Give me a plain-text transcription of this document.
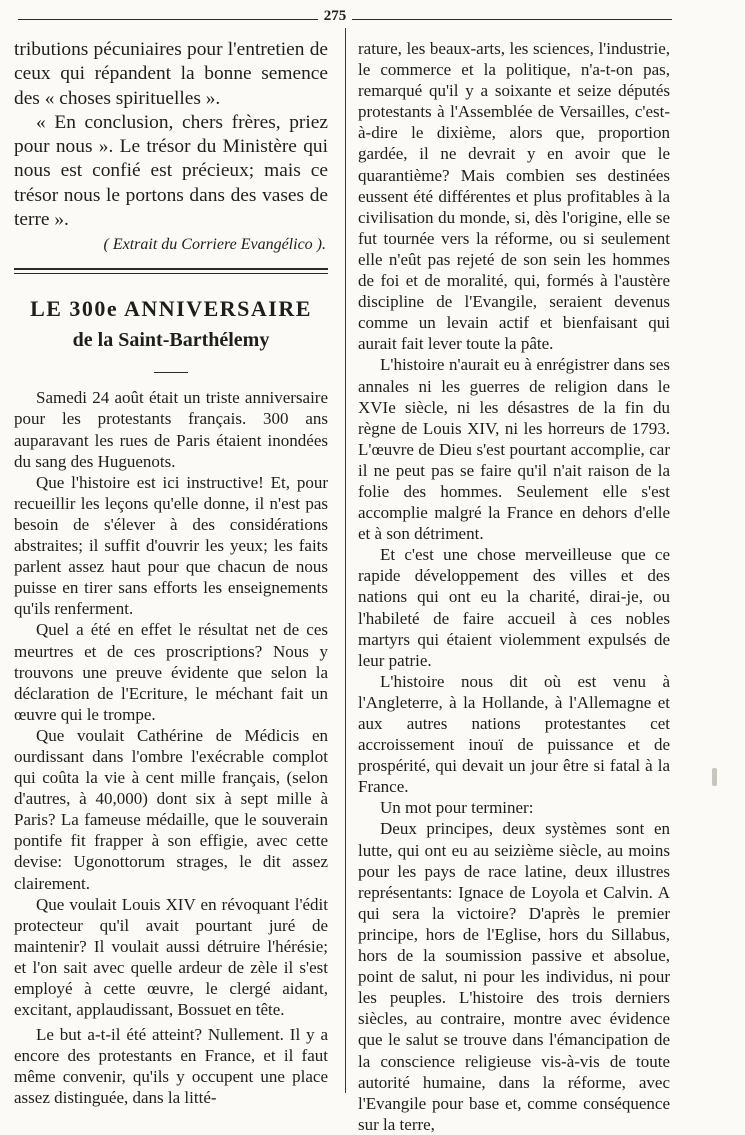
275

tributions pécuniaires pour l'entretien de ceux qui répandent la bonne semence des « choses spirituelles ».

« En conclusion, chers frères, priez pour nous ». Le trésor du Ministère qui nous est confié est précieux; mais ce trésor nous le portons dans des vases de terre ».

( Extrait du Corriere Evangélico ).

LE 300e ANNIVERSAIRE
de la Saint-Barthélemy

Samedi 24 août était un triste anniversaire pour les protestants français. 300 ans auparavant les rues de Paris étaient inondées du sang des Huguenots.

Que l'histoire est ici instructive! Et, pour recueillir les leçons qu'elle donne, il n'est pas besoin de s'élever à des considérations abstraites; il suffit d'ouvrir les yeux; les faits parlent assez haut pour que chacun de nous puisse en tirer sans efforts les enseignements qu'ils renferment.

Quel a été en effet le résultat net de ces meurtres et de ces proscriptions? Nous y trouvons une preuve évidente que selon la déclaration de l'Ecriture, le méchant fait un œuvre qui le trompe.

Que voulait Cathérine de Médicis en ourdissant dans l'ombre l'exécrable complot qui coûta la vie à cent mille français, (selon d'autres, à 40,000) dont six à sept mille à Paris? La fameuse médaille, que le souverain pontife fit frapper à son effigie, avec cette devise: Ugonottorum strages, le dit assez clairement.

Que voulait Louis XIV en révoquant l'édit protecteur qu'il avait pourtant juré de maintenir? Il voulait aussi détruire l'hérésie; et l'on sait avec quelle ardeur de zèle il s'est employé à cette œuvre, le clergé aidant, excitant, applaudissant, Bossuet en tête.

Le but a-t-il été atteint? Nullement. Il y a encore des protestants en France, et il faut même convenir, qu'ils y occupent une place assez distinguée, dans la litté-

rature, les beaux-arts, les sciences, l'industrie, le commerce et la politique, n'a-t-on pas, remarqué qu'il y a soixante et seize députés protestants à l'Assemblée de Versailles, c'est-à-dire le dixième, alors que, proportion gardée, il ne devrait y en avoir que le quarantième? Mais combien ses destinées eussent été différentes et plus profitables à la civilisation du monde, si, dès l'origine, elle se fut tournée vers la réforme, ou si seulement elle n'eût pas rejeté de son sein les hommes de foi et de moralité, qui, formés à l'austère discipline de l'Evangile, seraient devenus comme un levain actif et bienfaisant qui aurait fait lever toute la pâte.

L'histoire n'aurait eu à enrégistrer dans ses annales ni les guerres de religion dans le XVIe siècle, ni les désastres de la fin du règne de Louis XIV, ni les horreurs de 1793. L'œuvre de Dieu s'est pourtant accomplie, car il ne peut pas se faire qu'il n'ait raison de la folie des hommes. Seulement elle s'est accomplie malgré la France en dehors d'elle et à son détriment.

Et c'est une chose merveilleuse que ce rapide développement des villes et des nations qui ont eu la charité, dirai-je, ou l'habileté de faire accueil à ces nobles martyrs qui étaient violemment expulsés de leur patrie.

L'histoire nous dit où est venu à l'Angleterre, à la Hollande, à l'Allemagne et aux autres nations protestantes cet accroissement inouï de puissance et de prospérité, qui devait un jour être si fatal à la France.

Un mot pour terminer:

Deux principes, deux systèmes sont en lutte, qui ont eu au seizième siècle, au moins pour les pays de race latine, deux illustres représentants: Ignace de Loyola et Calvin. A qui sera la victoire? D'après le premier principe, hors de l'Eglise, hors du Sillabus, hors de la soumission passive et absolue, point de salut, ni pour les individus, ni pour les peuples. L'histoire des trois derniers siècles, au contraire, montre avec évidence que le salut se trouve dans l'émancipation de la conscience religieuse vis-à-vis de toute autorité humaine, dans la réforme, avec l'Evangile pour base et, comme conséquence sur la terre,
